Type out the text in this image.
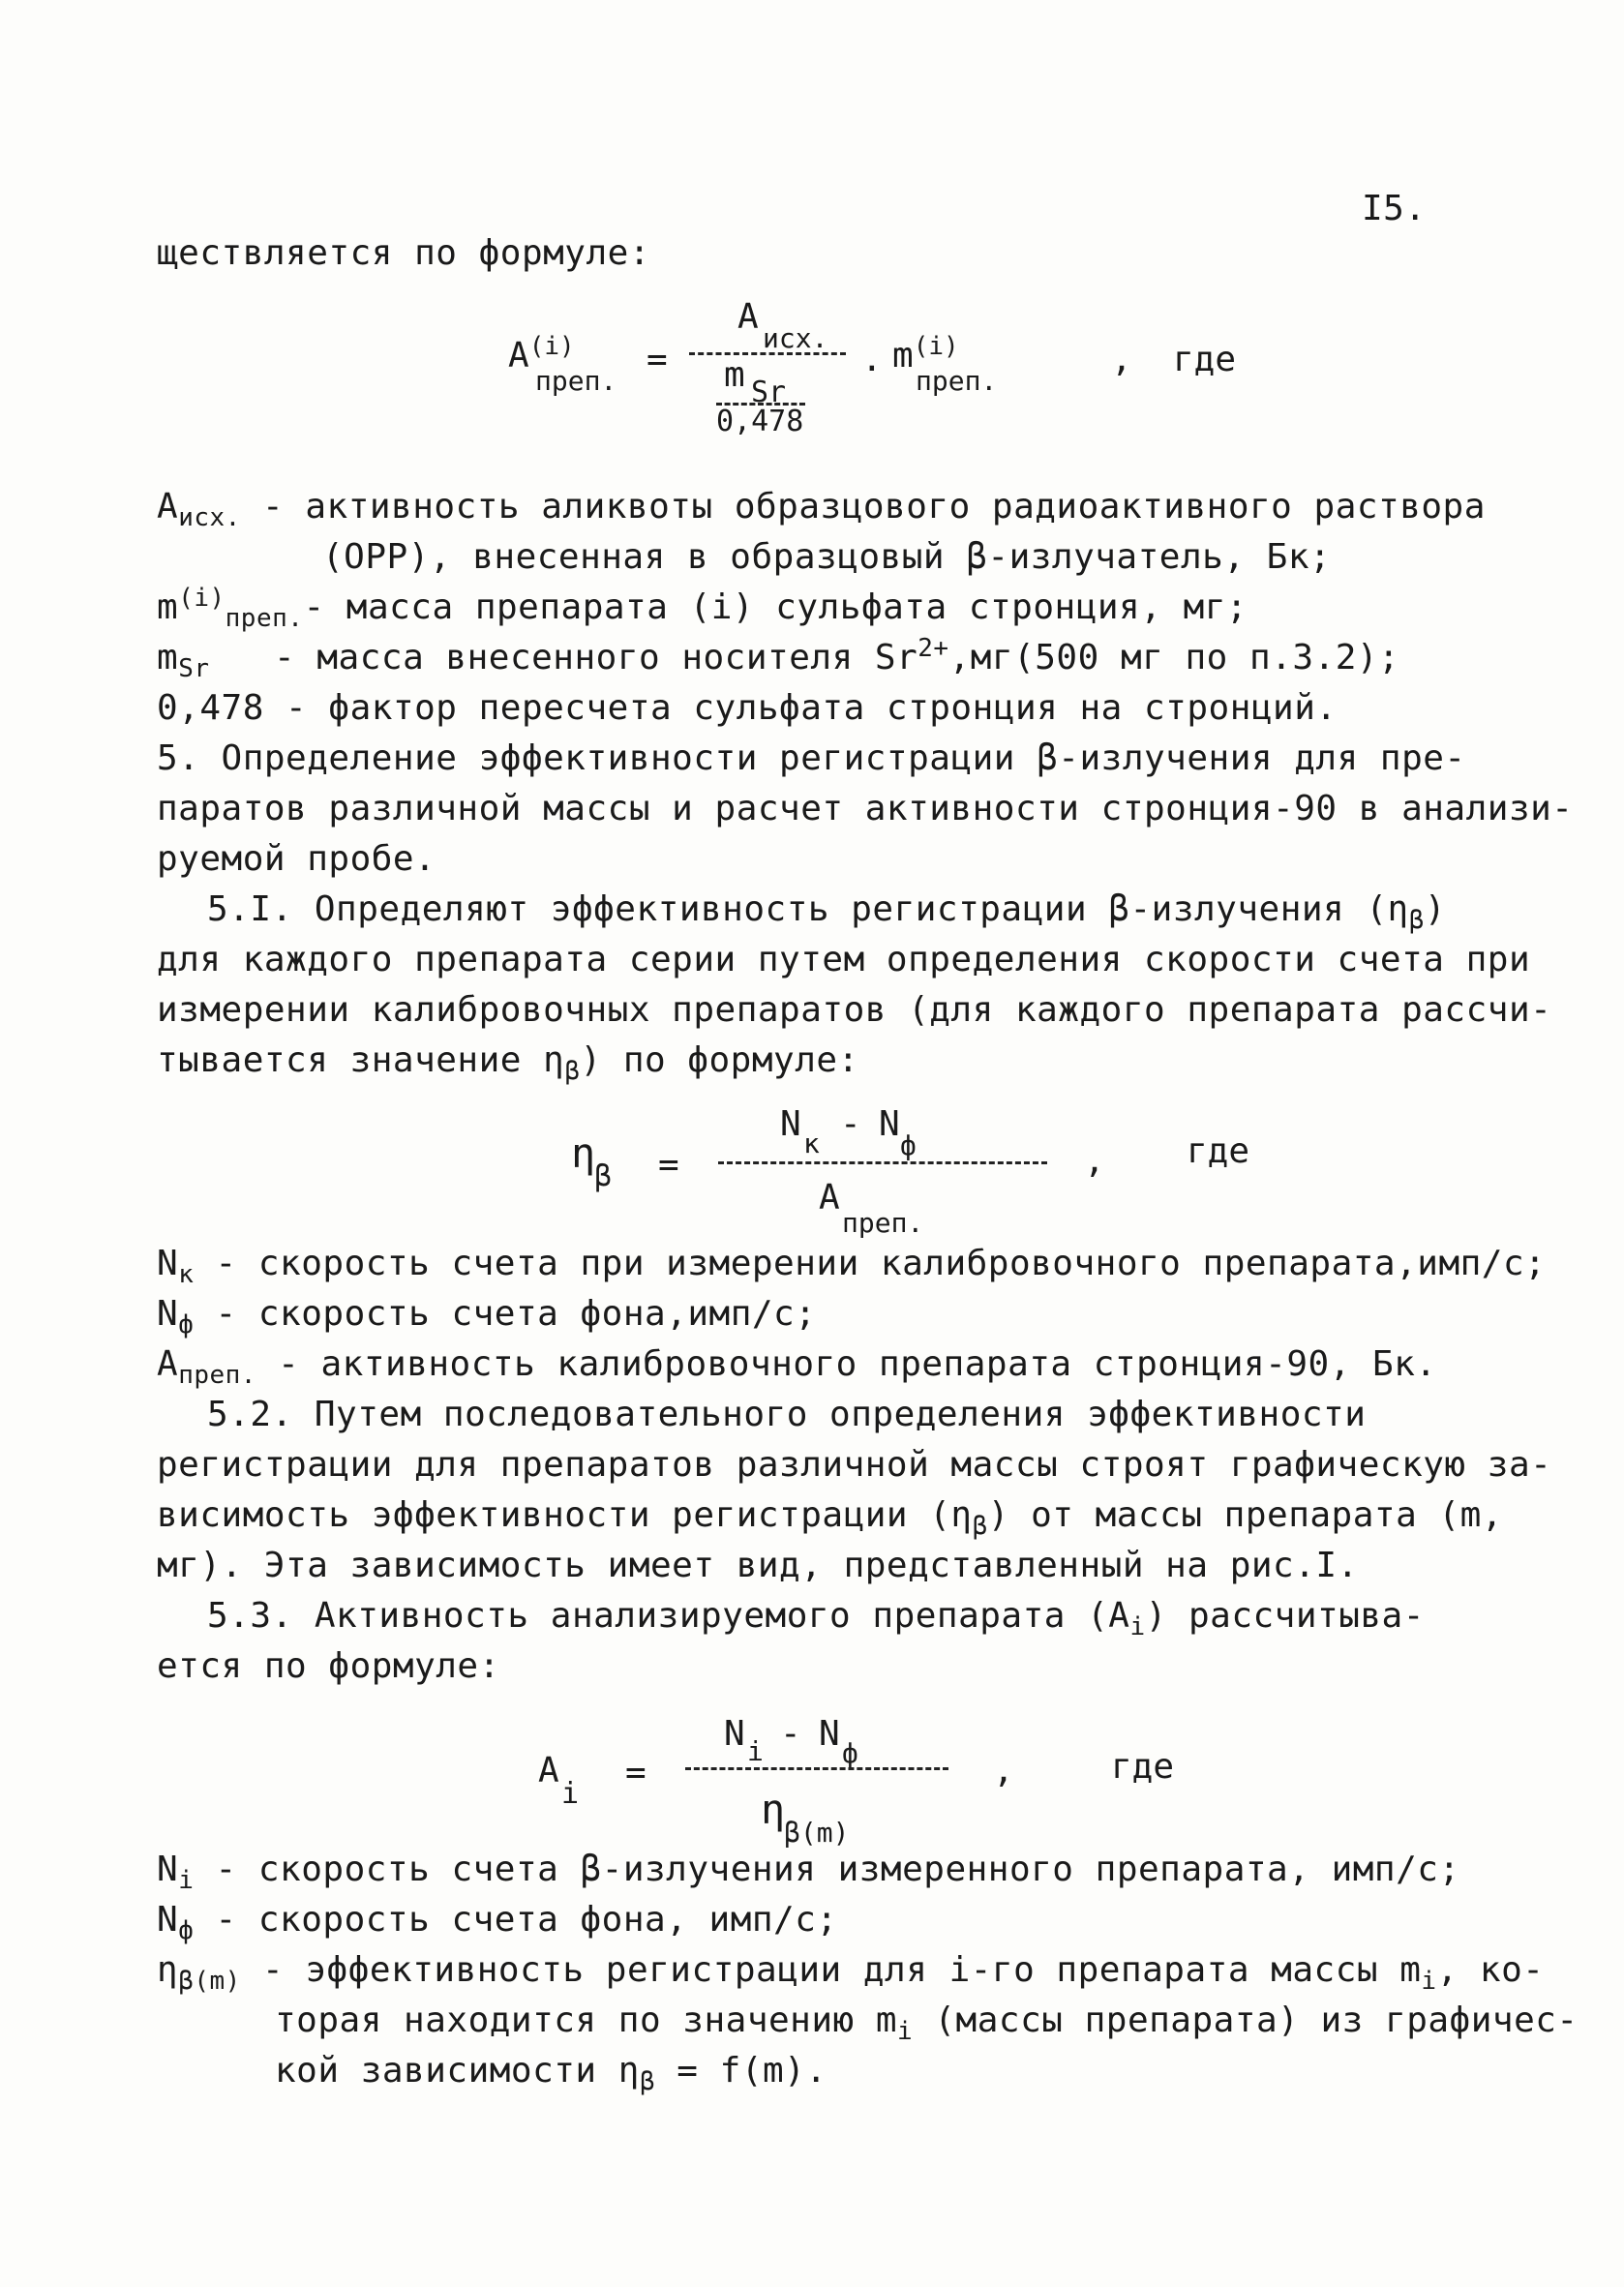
I5.
ществляется по формуле:
$A^{(i)}$
преп.
=
A
исх.
m Sr
0,478
. $m^{(i)}$
преп.
, где
$A_{исх.}$ - активность аликвоты образцового радиоактивного раствора
(ОРР), внесенная в образцовый β-излучатель, Бк;
$m^{(i)}_{преп.}-$ масса препарата (i) сульфата стронция, мг;
$m_{Sr}$ - масса внесенного носителя $Sr^{2+},мг(500$ мг по п.3.2);
0,478 - фактор пересчета сульфата стронция на стронций.
5. Определение эффективности регистрации β-излучения для пре-
паратов различной массы и расчет активности стронция-90 в анализи-
руемой пробе.
5.I. Определяют эффективность регистрации β-излучения $(\eta_\beta)$
для каждого препарата серии путем определения скорости счета при
измерении калибровочных препаратов (для каждого препарата рассчи-
тывается значение $\eta_\beta$) по формуле:
η
β =
N к - N
ф
A
преп.
, где
$N_к$ - скорость счета при измерении калибровочного препарата,имп/с;
$N_ф$ - скорость счета фона,имп/с;
$A_{преп.}$ - активность калибровочного препарата стронция-90, Бк.
5.2. Путем последовательного определения эффективности
регистрации для препаратов различной массы строят графическую за-
висимость эффективности регистрации $(\eta_\beta)$ от массы препарата (m,
мг). Эта зависимость имеет вид, представленный на рис.I.
5.3. Активность анализируемого препарата $(A_i)$ рассчитыва-
ется по формуле:
A
i
=
N i - N ф
η
β(m)
,	где
$N_i$ - скорость счета β-излучения измеренного препарата, имп/с;
$N_ф$ - скорость счета фона, имп/с;
$\eta_{\beta(m)}$ - эффективность регистрации для i-го препарата массы $m_i$, ко-
торая находится по значению $m_i$ (массы препарата) из графичес-
кой зависимости $\eta_\beta = f(m)$.
